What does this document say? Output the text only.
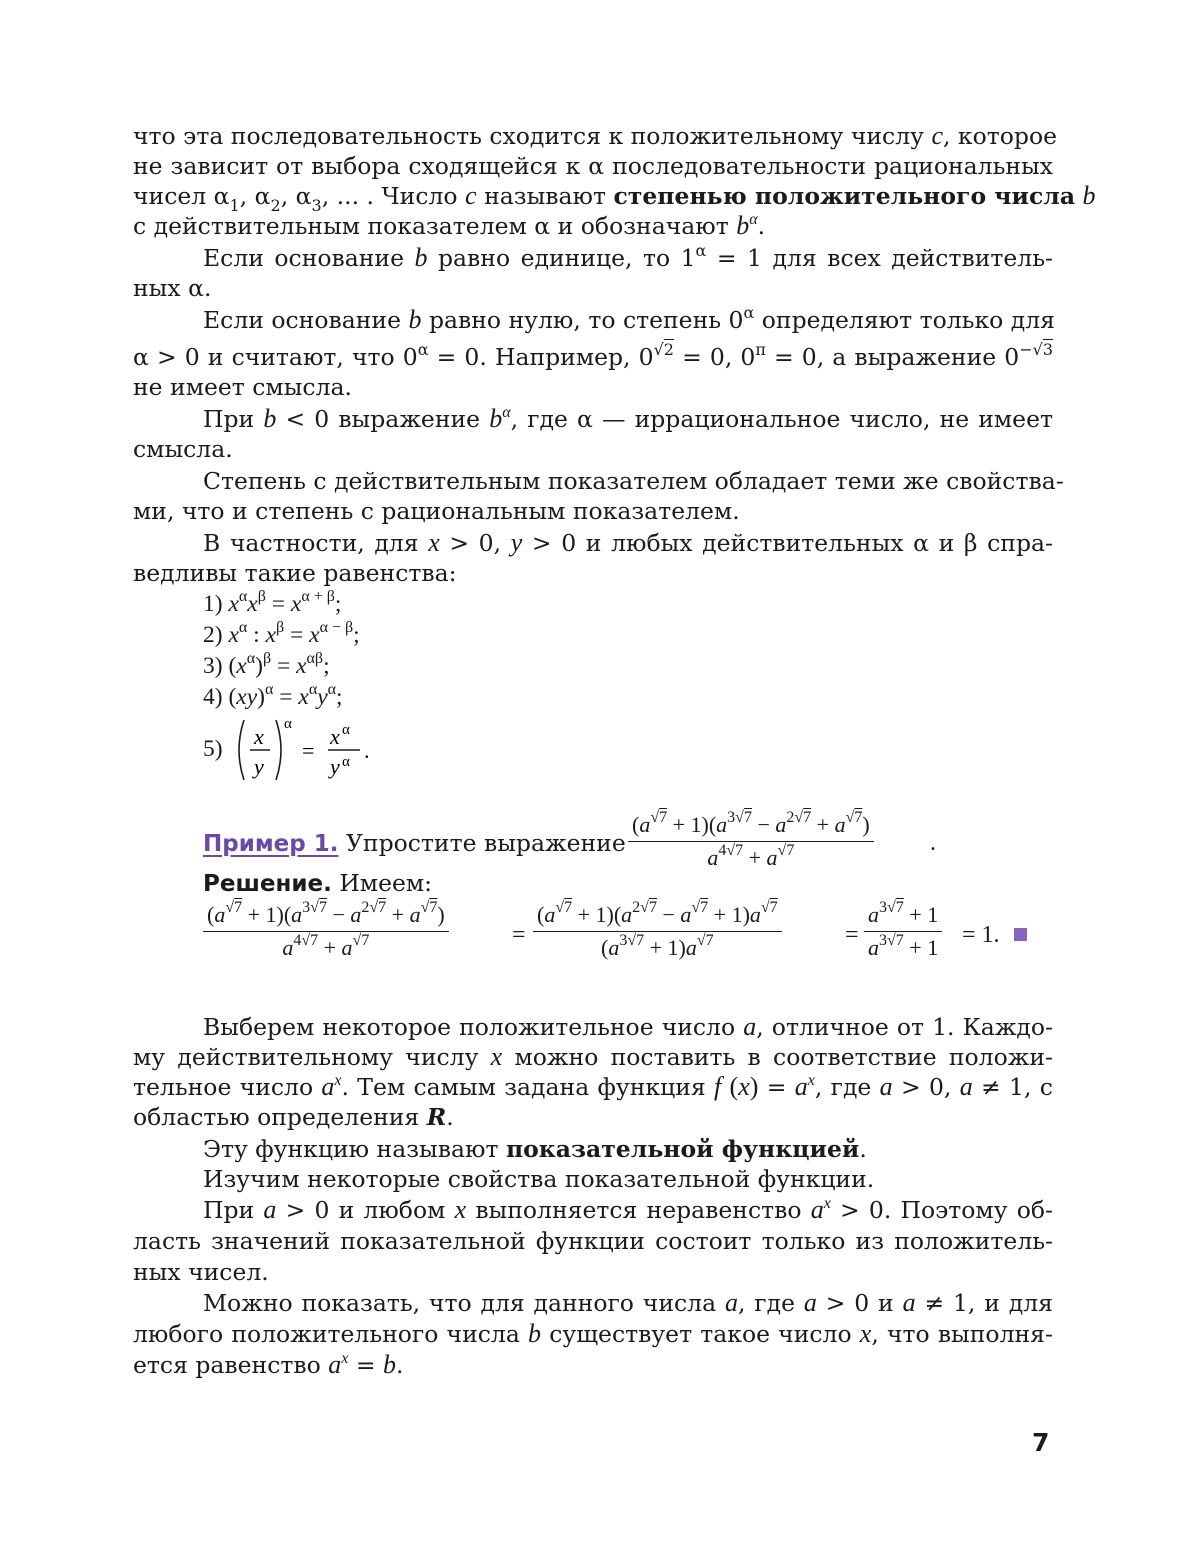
что эта последовательность сходится к положительному числу c, которое
не зависит от выбора сходящейся к α последовательности рациональных
чисел $\alpha_1$, $\alpha_2$, $\alpha_3$, ... . Число c называют степенью положительного числа b
с действительным показателем α и обозначают $b^\alpha$.
Если основание b равно единице, то $1^\alpha = 1$ для всех действитель-
ных α.
Если основание b равно нулю, то степень $0^\alpha$ определяют только для
α > 0 и считают, что $0^\alpha = 0$. Например, $0^{√2} = 0$, $0^\pi = 0$, а выражение $0^{-√3}$
не имеет смысла.
При b < 0 выражение $b^\alpha$, где α — иррациональное число, не имеет
смысла.
Степень с действительным показателем обладает теми же свойства-
ми, что и степень с рациональным показателем.
В частности, для x > 0, y > 0 и любых действительных α и β спра-
ведливы такие равенства:
1) $x^\alpha x^\beta = x^{\alpha + \beta}$;
2) $x^\alpha$ : $x^\beta = x^{\alpha - \beta}$;
3) $(x^\alpha)^\beta = x^{\alpha\beta}$;
4) $(xy)^\alpha = x^\alpha y^\alpha$;
5) x
y
α
=
x α
y α .
Пример 1. Упростите выражение $\frac{(a^{√7} + 1)(a^{3√7} - a^{2√7} + a^{√7})}{a^{4√7} + a^{√7}}$ .
Решение. Имеем:
$\frac{(a^{√7} + 1)(a^{3√7} - a^{2√7} + a^{√7})}{a^{4√7} + a^{√7}}$	= $\frac{(a^{√7} + 1)(a^{2√7} - a^{√7} + 1)a^{√7}}{(a^{3√7} + 1)a^{√7}}$	= $\frac{a^{3√7} + 1}{a^{3√7} + 1} = 1$.
Выберем некоторое положительное число a, отличное от 1. Каждо-
му действительному числу x можно поставить в соответствие положи-
тельное число $a^x$. Тем самым задана функция f $(x) = a^x$, где a > 0, a ≠ 1, с
областью определения R.
Эту функцию называют показательной функцией.
Изучим некоторые свойства показательной функции.
При a > 0 и любом x выполняется неравенство $a^x > 0$. Поэтому об-
ласть значений показательной функции состоит только из положитель-
ных чисел.
Можно показать, что для данного числа a, где a > 0 и a ≠ 1, и для
любого положительного числа b существует такое число x, что выполня-
ется равенство $a^x = b$.
7
